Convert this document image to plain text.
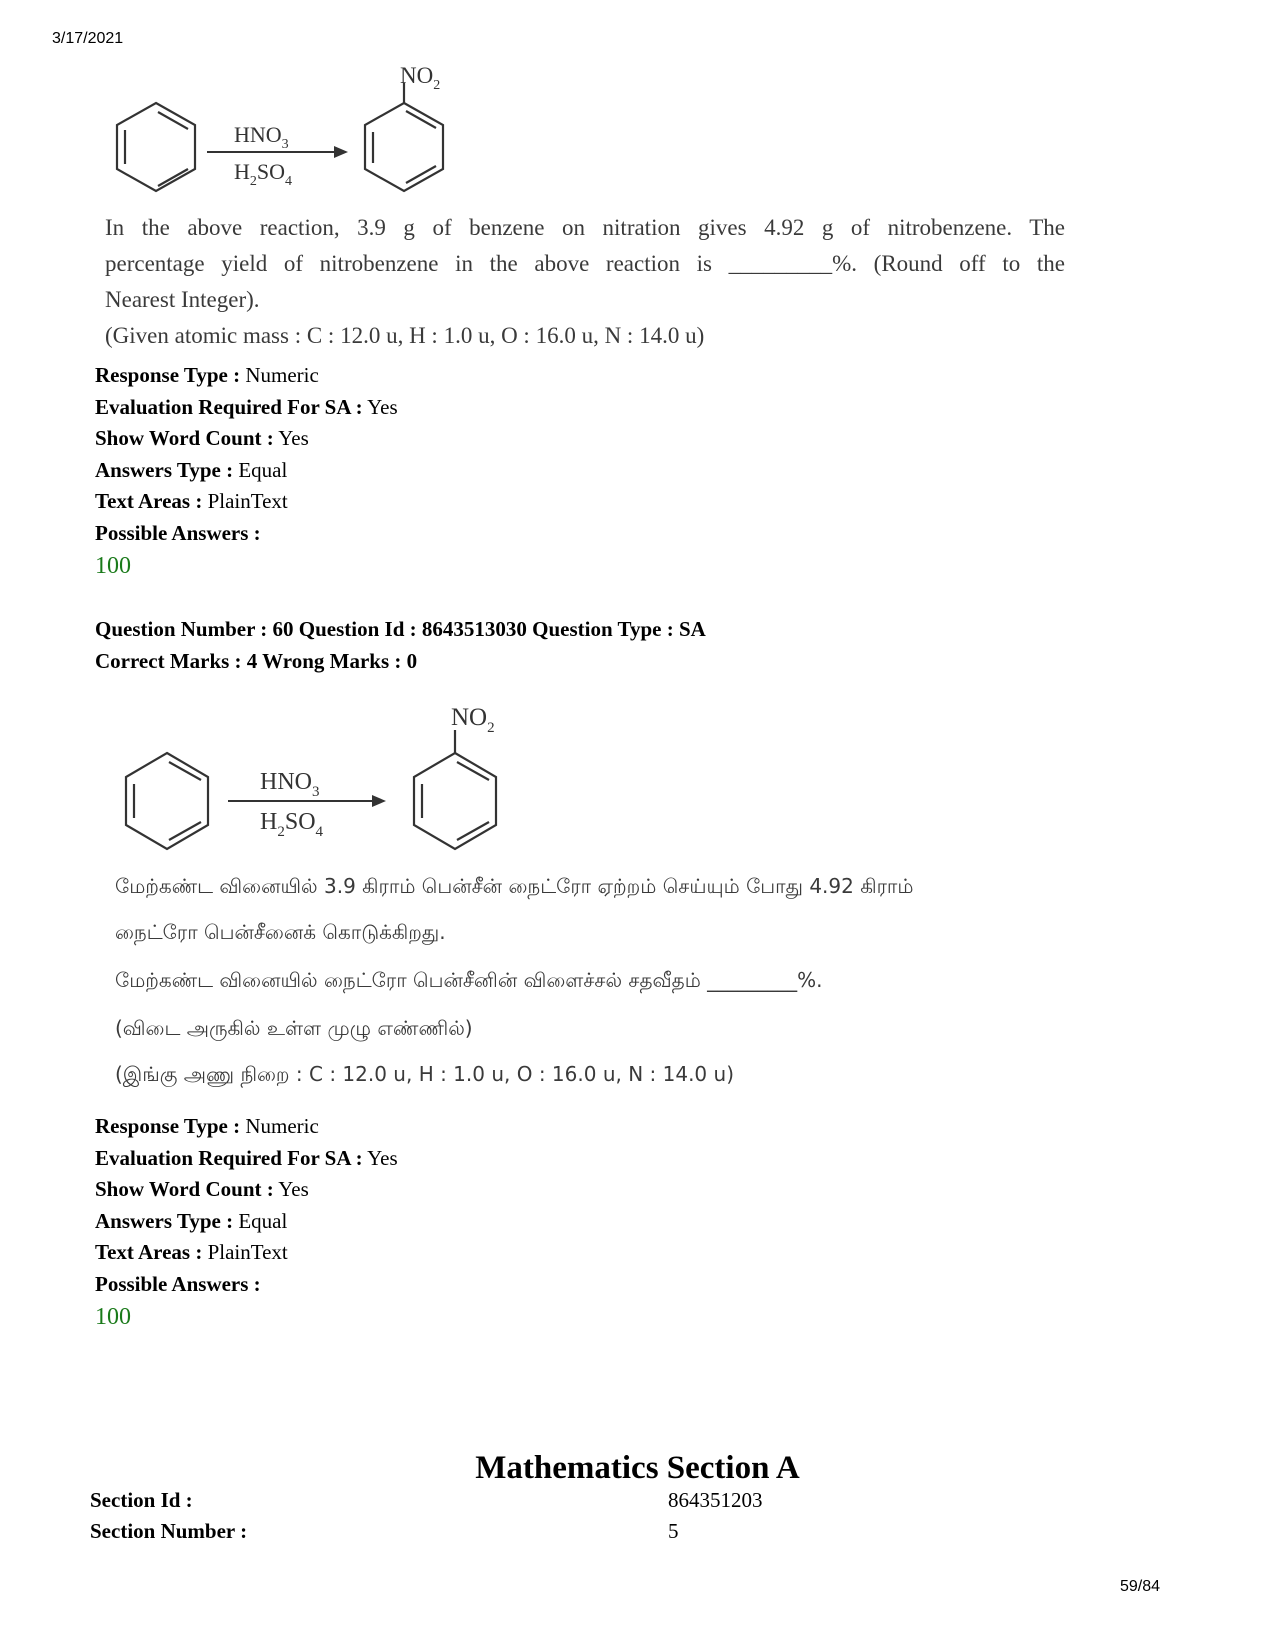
3/17/2021
59/84
$HNO_3$
$H_2SO_4$
$NO_2$
In the above reaction, 3.9 g of benzene on nitration gives 4.92 g of nitrobenzene. The
percentage yield of nitrobenzene in the above reaction is _________%. (Round off to the
Nearest Integer).
(Given atomic mass : C : 12.0 u, H : 1.0 u, O : 16.0 u, N : 14.0 u)
Response Type : Numeric
Evaluation Required For SA : Yes
Show Word Count : Yes
Answers Type : Equal
Text Areas : PlainText
Possible Answers :
100
Question Number : 60 Question Id : 8643513030 Question Type : SA
Correct Marks : 4 Wrong Marks : 0
$HNO_3$
$H_2SO_4$
$NO_2$
மேற்கண்ட வினையில் 3.9 கிராம் பென்சீன் நைட்ரோ ஏற்றம் செய்யும் போது 4.92 கிராம்
நைட்ரோ பென்சீனைக் கொடுக்கிறது.
மேற்கண்ட வினையில் நைட்ரோ பென்சீனின் விளைச்சல் சதவீதம் _________%.
(விடை அருகில் உள்ள முழு எண்ணில்)
(இங்கு அணு நிறை : C : 12.0 u, H : 1.0 u, O : 16.0 u, N : 14.0 u)
Response Type : Numeric
Evaluation Required For SA : Yes
Show Word Count : Yes
Answers Type : Equal
Text Areas : PlainText
Possible Answers :
100
Mathematics Section A
Section Id :	864351203
Section Number :	5
